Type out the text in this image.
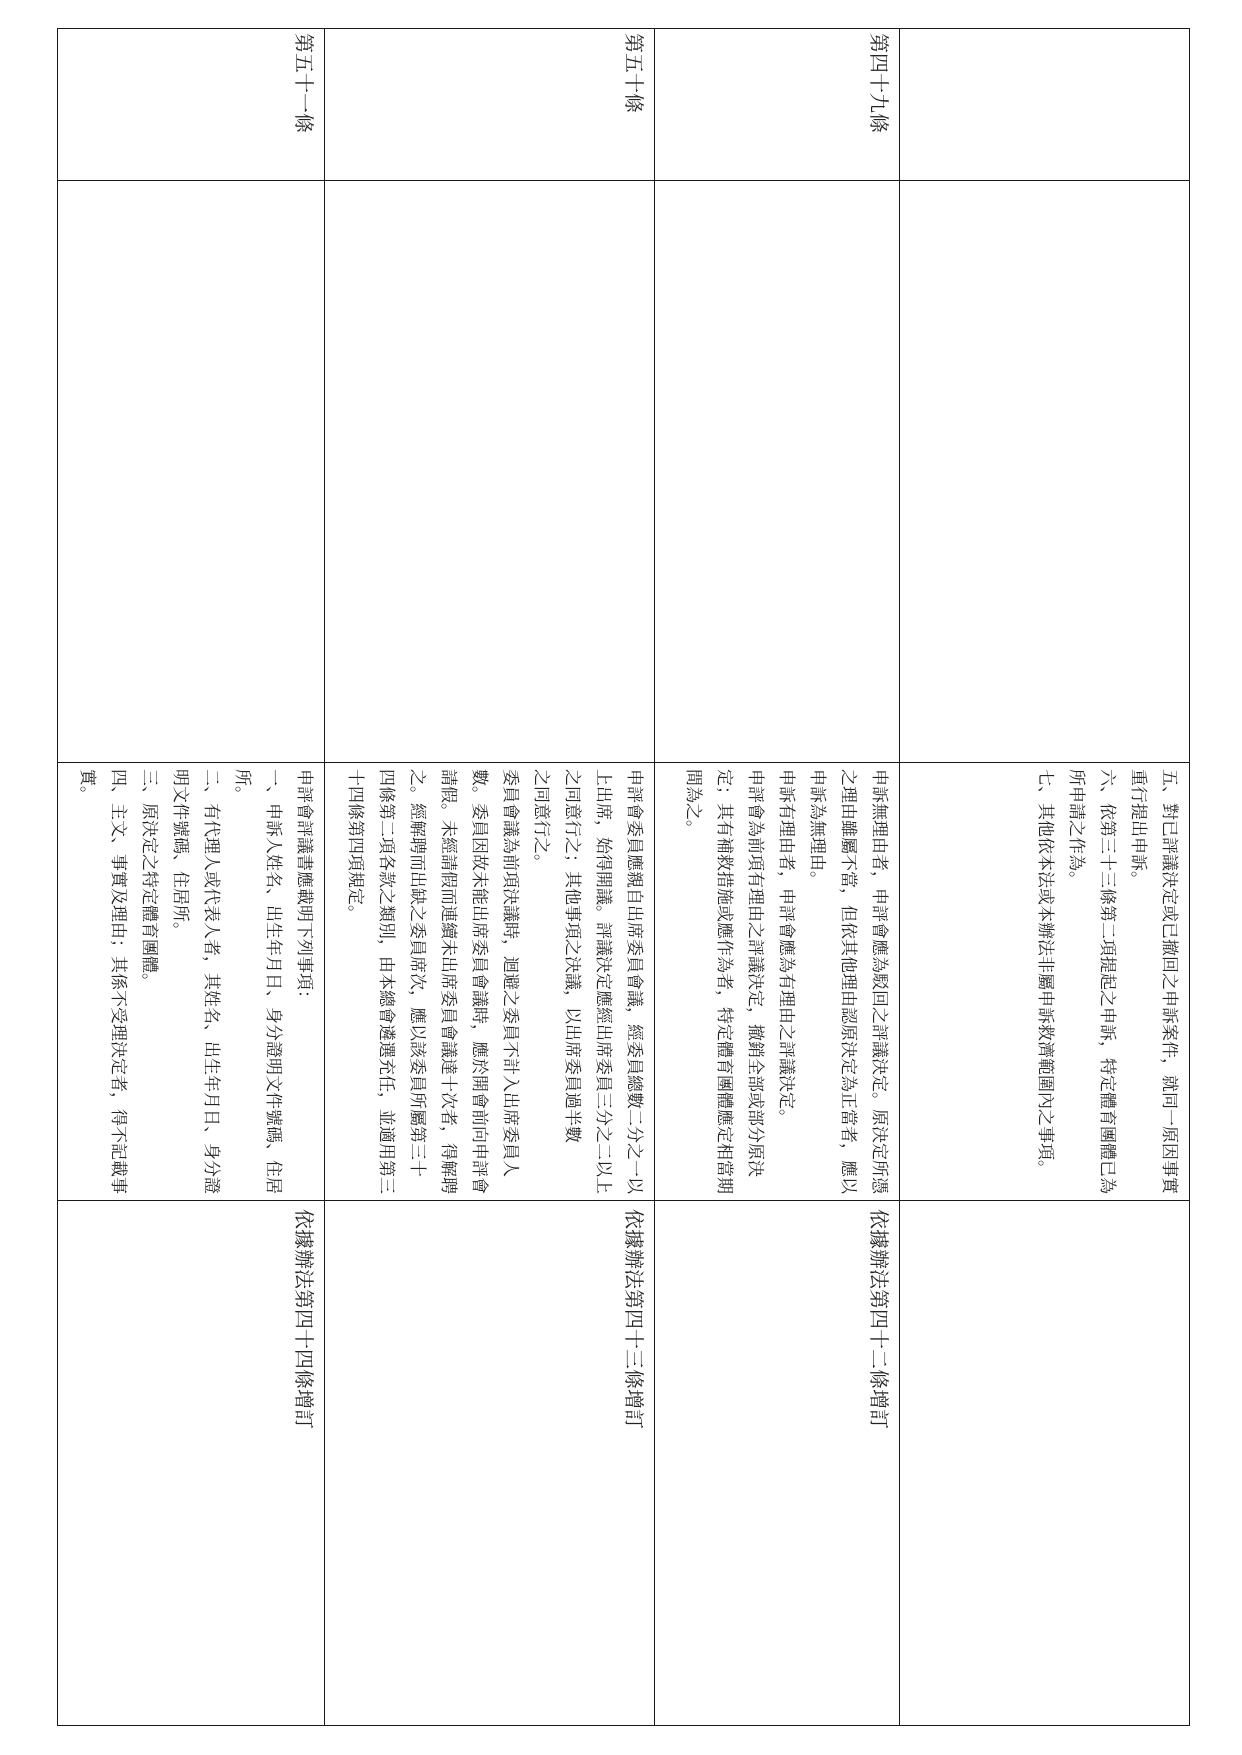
五、對已評議決定或已撤回之申訴案件，就同一原因事實
重行提出申訴。
六、依第三十三條第二項提起之申訴，特定體育團體已為
所申請之作為。
七、其他依本法或本辦法非屬申訴救濟範圍內之事項。
第四十九條
申訴無理由者，申評會應為駁回之評議決定。原決定所憑
之理由雖屬不當，但依其他理由認原決定為正當者，應以
申訴為無理由。
申訴有理由者，申評會應為有理由之評議決定。
申評會為前項有理由之評議決定，撤銷全部或部分原決
定；其有補救措施或應作為者，特定體育團體應定相當期
間為之。
依據辦法第四十二條增訂
第五十條
申評會委員應親自出席委員會議，經委員總數二分之一以
上出席，始得開議。評議決定應經出席委員三分之二以上
之同意行之；其他事項之決議，以出席委員過半數
之同意行之。
委員會議為前項決議時，迴避之委員不計入出席委員人
數。委員因故未能出席委員會議時，應於開會前向申評會
請假。未經請假而連續未出席委員會議達十次者，得解聘
之。經解聘而出缺之委員席次，應以該委員所屬第三十
四條第二項各款之類別，由本總會遴選充任，並適用第三
十四條第四項規定。
依據辦法第四十三條增訂
第五十一條
申評會評議書應載明下列事項：
一、申訴人姓名、出生年月日、身分證明文件號碼、住居
所。
二、有代理人或代表人者，其姓名、出生年月日、身分證
明文件號碼、住居所。
三、原決定之特定體育團體。
四、主文、事實及理由；其係不受理決定者，得不記載事
實。
依據辦法第四十四條增訂
